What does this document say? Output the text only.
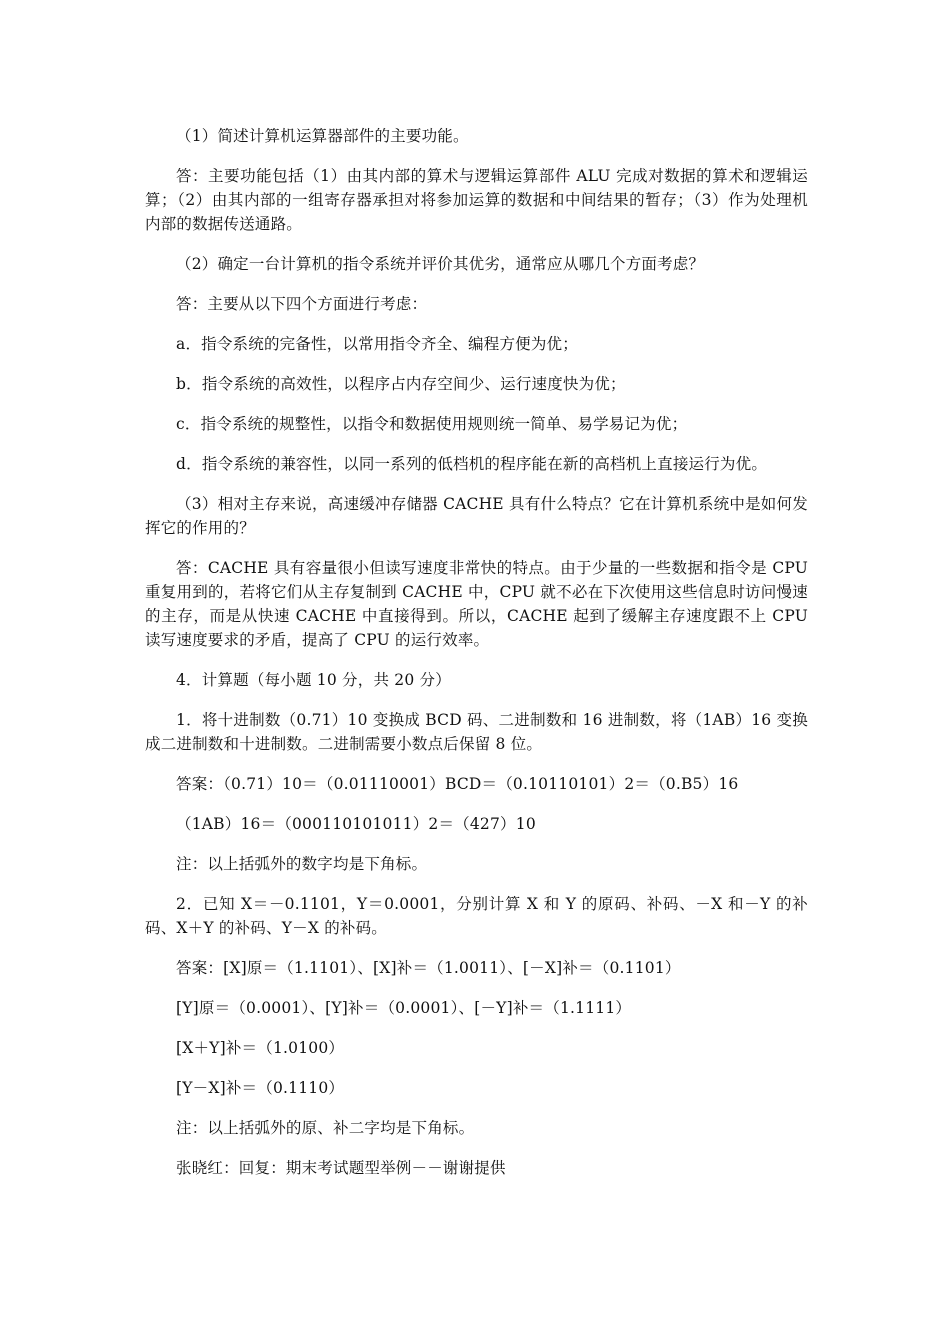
（1）简述计算机运算器部件的主要功能。

答：主要功能包括（1）由其内部的算术与逻辑运算部件 ALU 完成对数据的算术和逻辑运算；（2）由其内部的一组寄存器承担对将参加运算的数据和中间结果的暂存；（3）作为处理机内部的数据传送通路。

（2）确定一台计算机的指令系统并评价其优劣，通常应从哪几个方面考虑？

答：主要从以下四个方面进行考虑：

a．指令系统的完备性，以常用指令齐全、编程方便为优；

b．指令系统的高效性，以程序占内存空间少、运行速度快为优；

c．指令系统的规整性，以指令和数据使用规则统一简单、易学易记为优；

d．指令系统的兼容性，以同一系列的低档机的程序能在新的高档机上直接运行为优。

（3）相对主存来说，高速缓冲存储器 CACHE 具有什么特点？它在计算机系统中是如何发挥它的作用的？

答：CACHE 具有容量很小但读写速度非常快的特点。由于少量的一些数据和指令是 CPU 重复用到的，若将它们从主存复制到 CACHE 中，CPU 就不必在下次使用这些信息时访问慢速的主存，而是从快速 CACHE 中直接得到。所以，CACHE 起到了缓解主存速度跟不上 CPU 读写速度要求的矛盾，提高了 CPU 的运行效率。

4．计算题（每小题 10 分，共 20 分）

1．将十进制数（0.71）10 变换成 BCD 码、二进制数和 16 进制数，将（1AB）16 变换成二进制数和十进制数。二进制需要小数点后保留 8 位。

答案：（0.71）10＝（0.01110001）BCD＝（0.10110101）2＝（0.B5）16

（1AB）16＝（000110101011）2＝（427）10

注：以上括弧外的数字均是下角标。

2．已知 X＝－0.1101，Y＝0.0001，分别计算 X 和 Y 的原码、补码、－X 和－Y 的补码、X＋Y 的补码、Y－X 的补码。

答案：[X]原＝（1.1101）、[X]补＝（1.0011）、[－X]补＝（0.1101）

[Y]原＝（0.0001）、[Y]补＝（0.0001）、[－Y]补＝（1.1111）

[X＋Y]补＝（1.0100）

[Y－X]补＝（0.1110）

注：以上括弧外的原、补二字均是下角标。

张晓红：回复：期末考试题型举例－－谢谢提供
